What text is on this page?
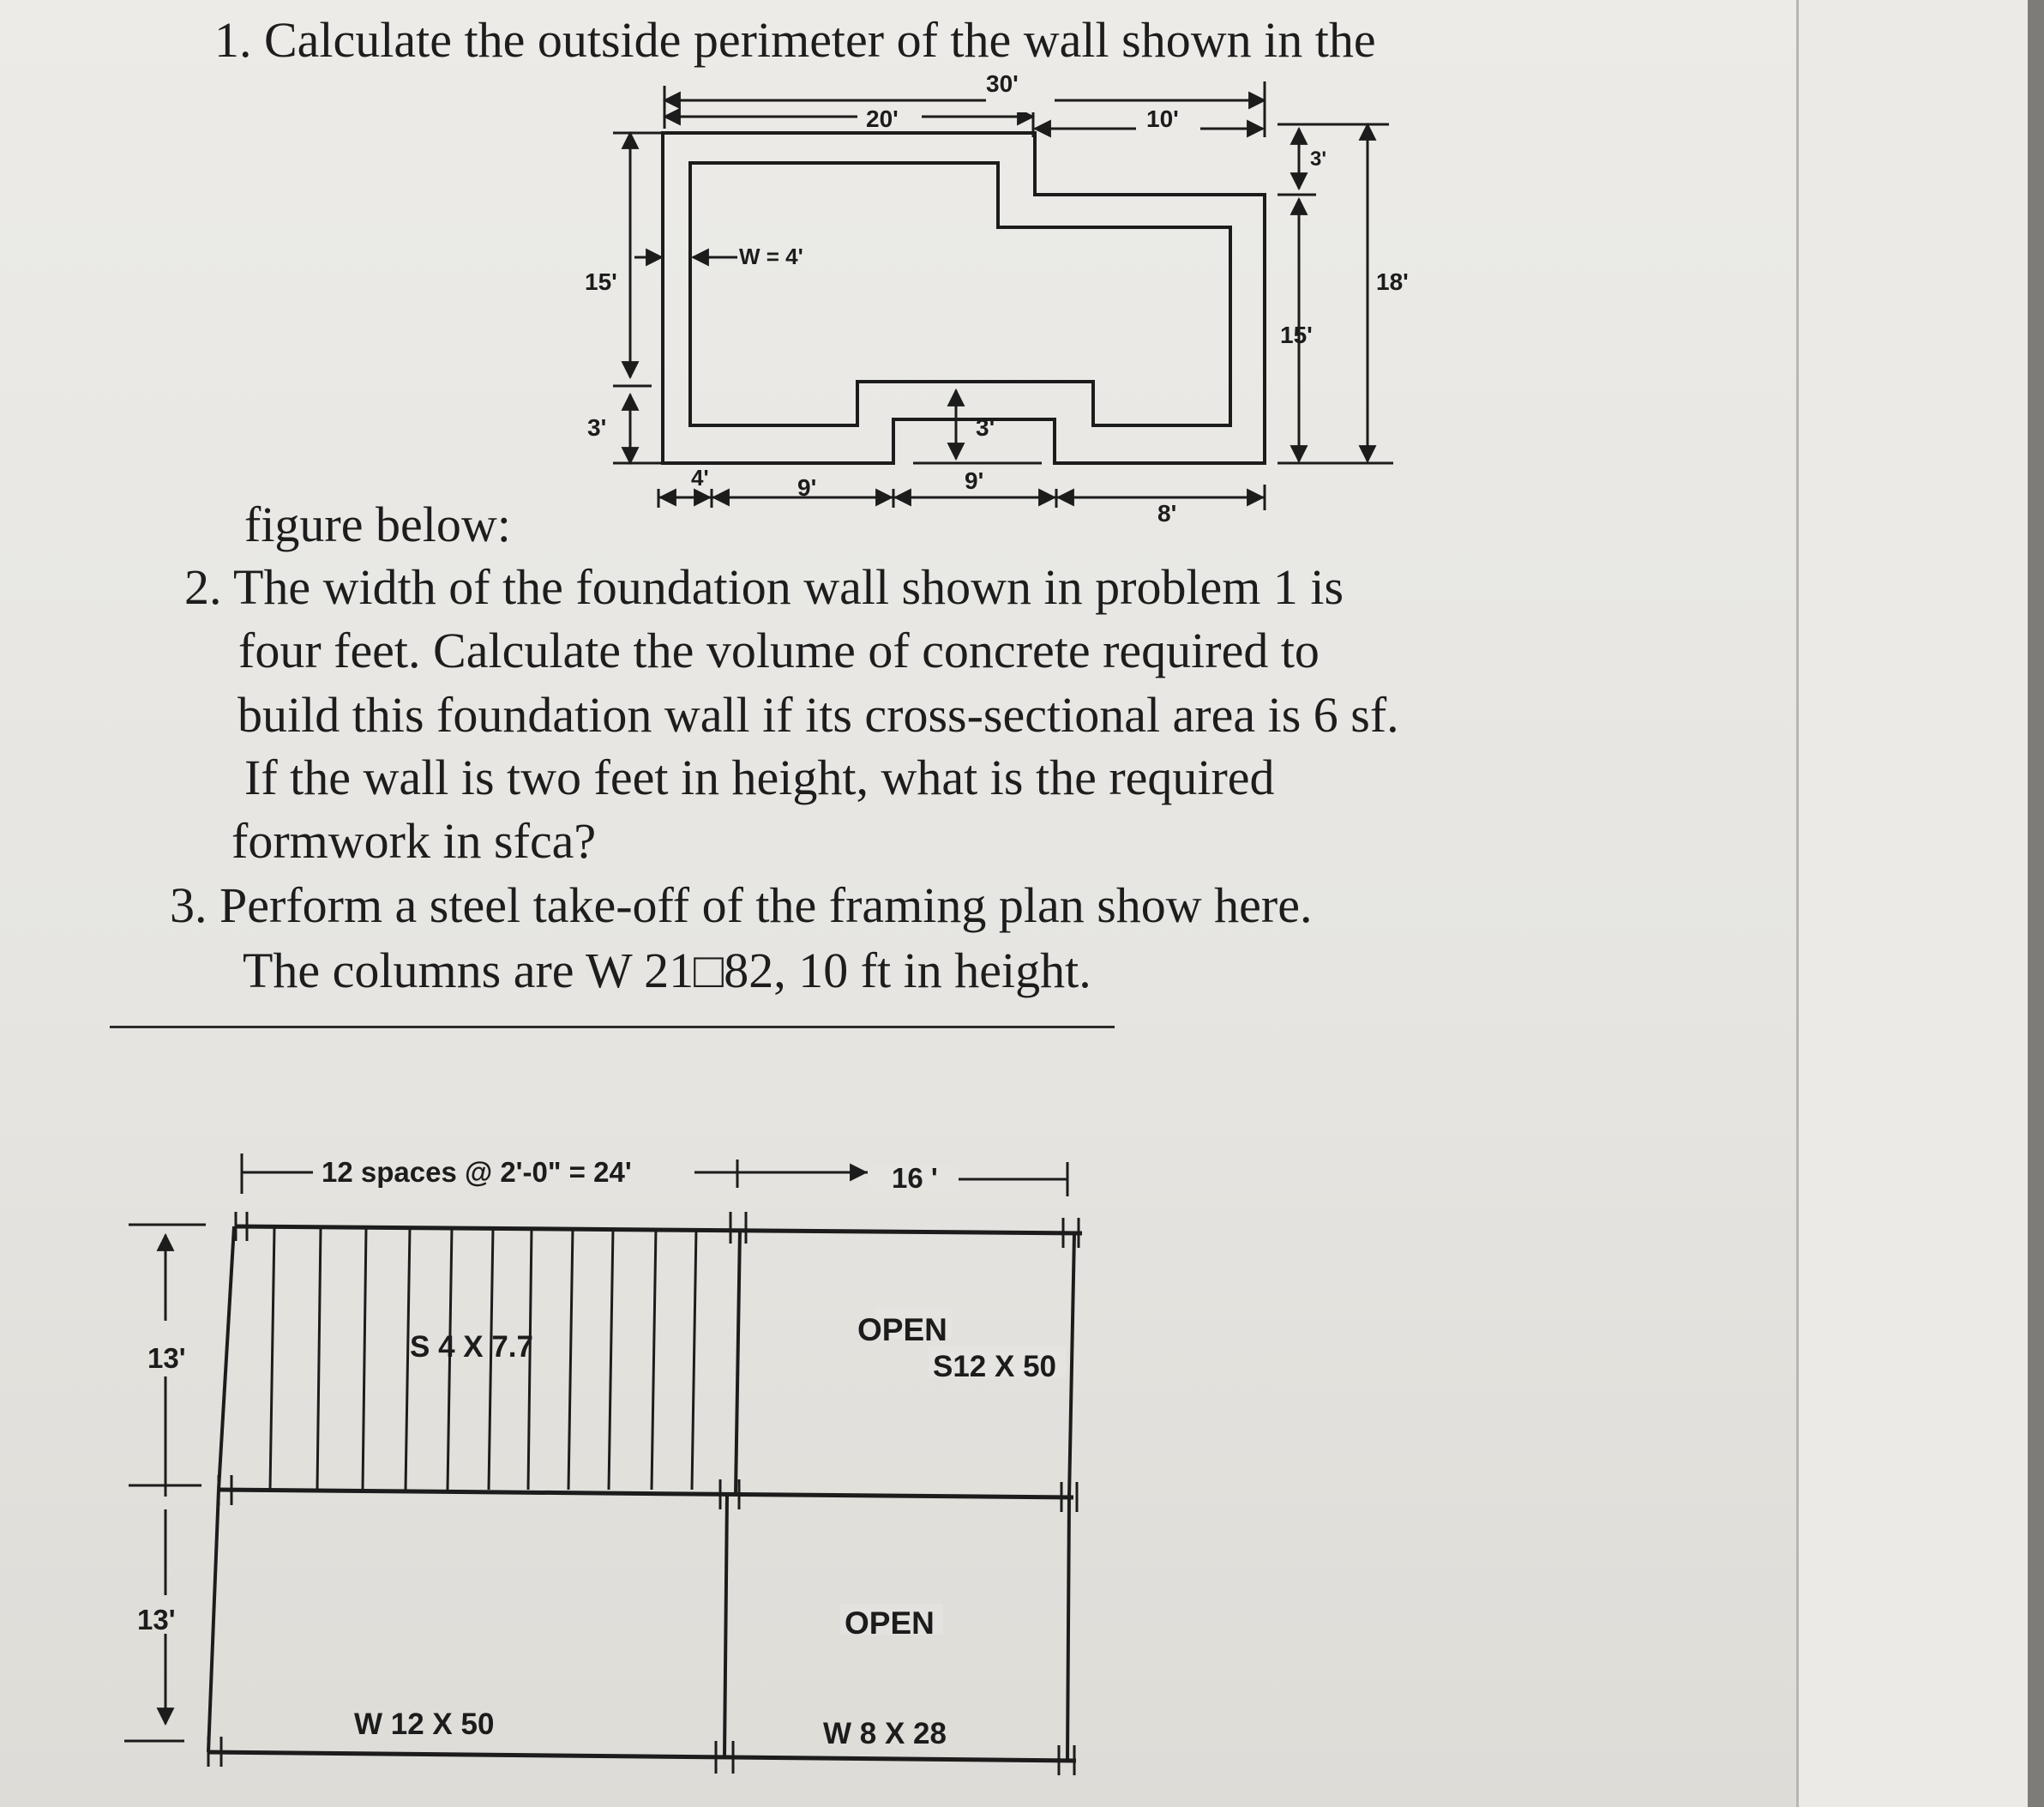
1. Calculate the outside perimeter of the wall shown in the
figure below:
2. The width of the foundation wall shown in problem 1 is
four feet. Calculate the volume of concrete required to
build this foundation wall if its cross-sectional area is 6 sf.
If the wall is two feet in height, what is the required
formwork in sfca?
3. Perform a steel take-off of the framing plan show here.
The columns are W 21□82, 10 ft in height.
30'
20'	10'
15'
3'
W = 4'
18'
3'
15'
3'
4'	9'	9'
8'
12 spaces @ 2'-0" = 24'	16 '
13'
13'
S 4 X 7.7	OPEN
S12 X 50
OPEN
W 12 X 50	W 8 X 28
